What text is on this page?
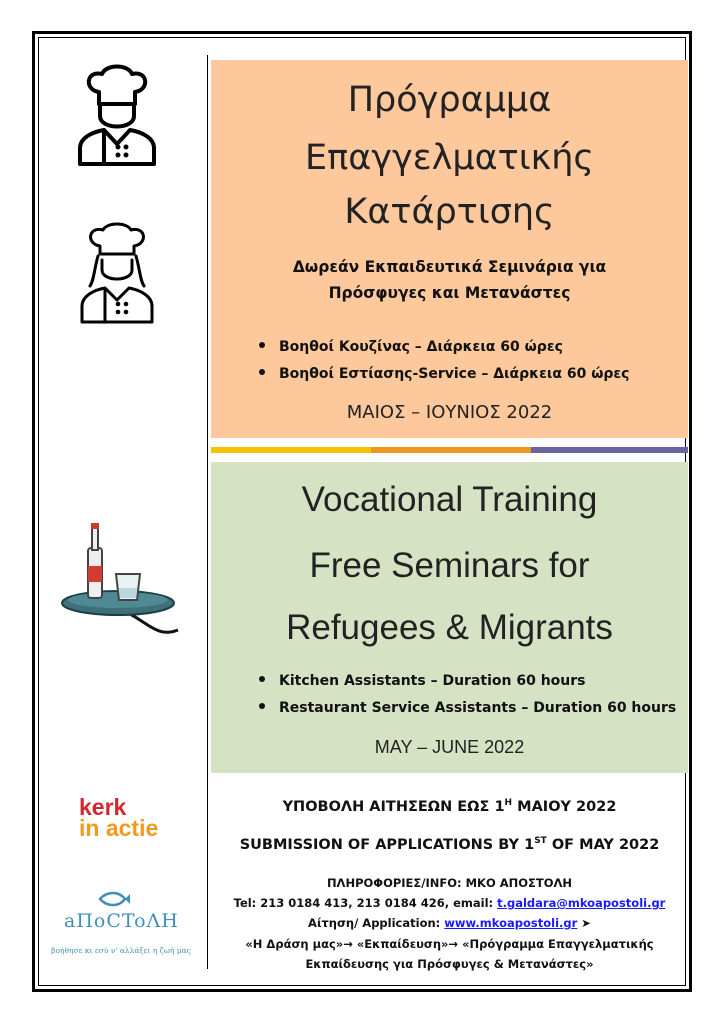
Πρόγραμμα
Επαγγελματικής
Κατάρτισης
Δωρεάν Εκπαιδευτικά Σεμινάρια για
Πρόσφυγες και Μετανάστες
Βοηθοί Κουζίνας – Διάρκεια 60 ώρες
Βοηθοί Εστίασης-Service – Διάρκεια 60 ώρες
ΜΑΙΟΣ – ΙΟΥΝΙΟΣ 2022
Vocational Training
Free Seminars for
Refugees & Migrants
Kitchen Assistants – Duration 60 hours
Restaurant Service Assistants – Duration 60 hours
MAY – JUNE 2022
ΥΠΟΒΟΛΗ ΑΙΤΗΣΕΩΝ ΕΩΣ $1^H$ ΜΑΙΟΥ 2022
SUBMISSION OF APPLICATIONS BY 1ST OF MAY 2022
ΠΛΗΡΟΦΟΡΙΕΣ/INFO: ΜΚΟ ΑΠΟΣΤΟΛΗ
Tel: 213 0184 413, 213 0184 426, email: t.galdara@mkoapostoli.gr
Αίτηση/ Application: www.mkoapostoli.gr ➤
«Η Δράση μας»→ «Εκπαίδευση»→ «Πρόγραμμα Επαγγελματικής
Εκπαίδευσης για Πρόσφυγες & Μετανάστες»
kerk
in actie
aΠoCToΛH
βοήθησε κι εσύ ν' αλλάξει η ζωή μας
